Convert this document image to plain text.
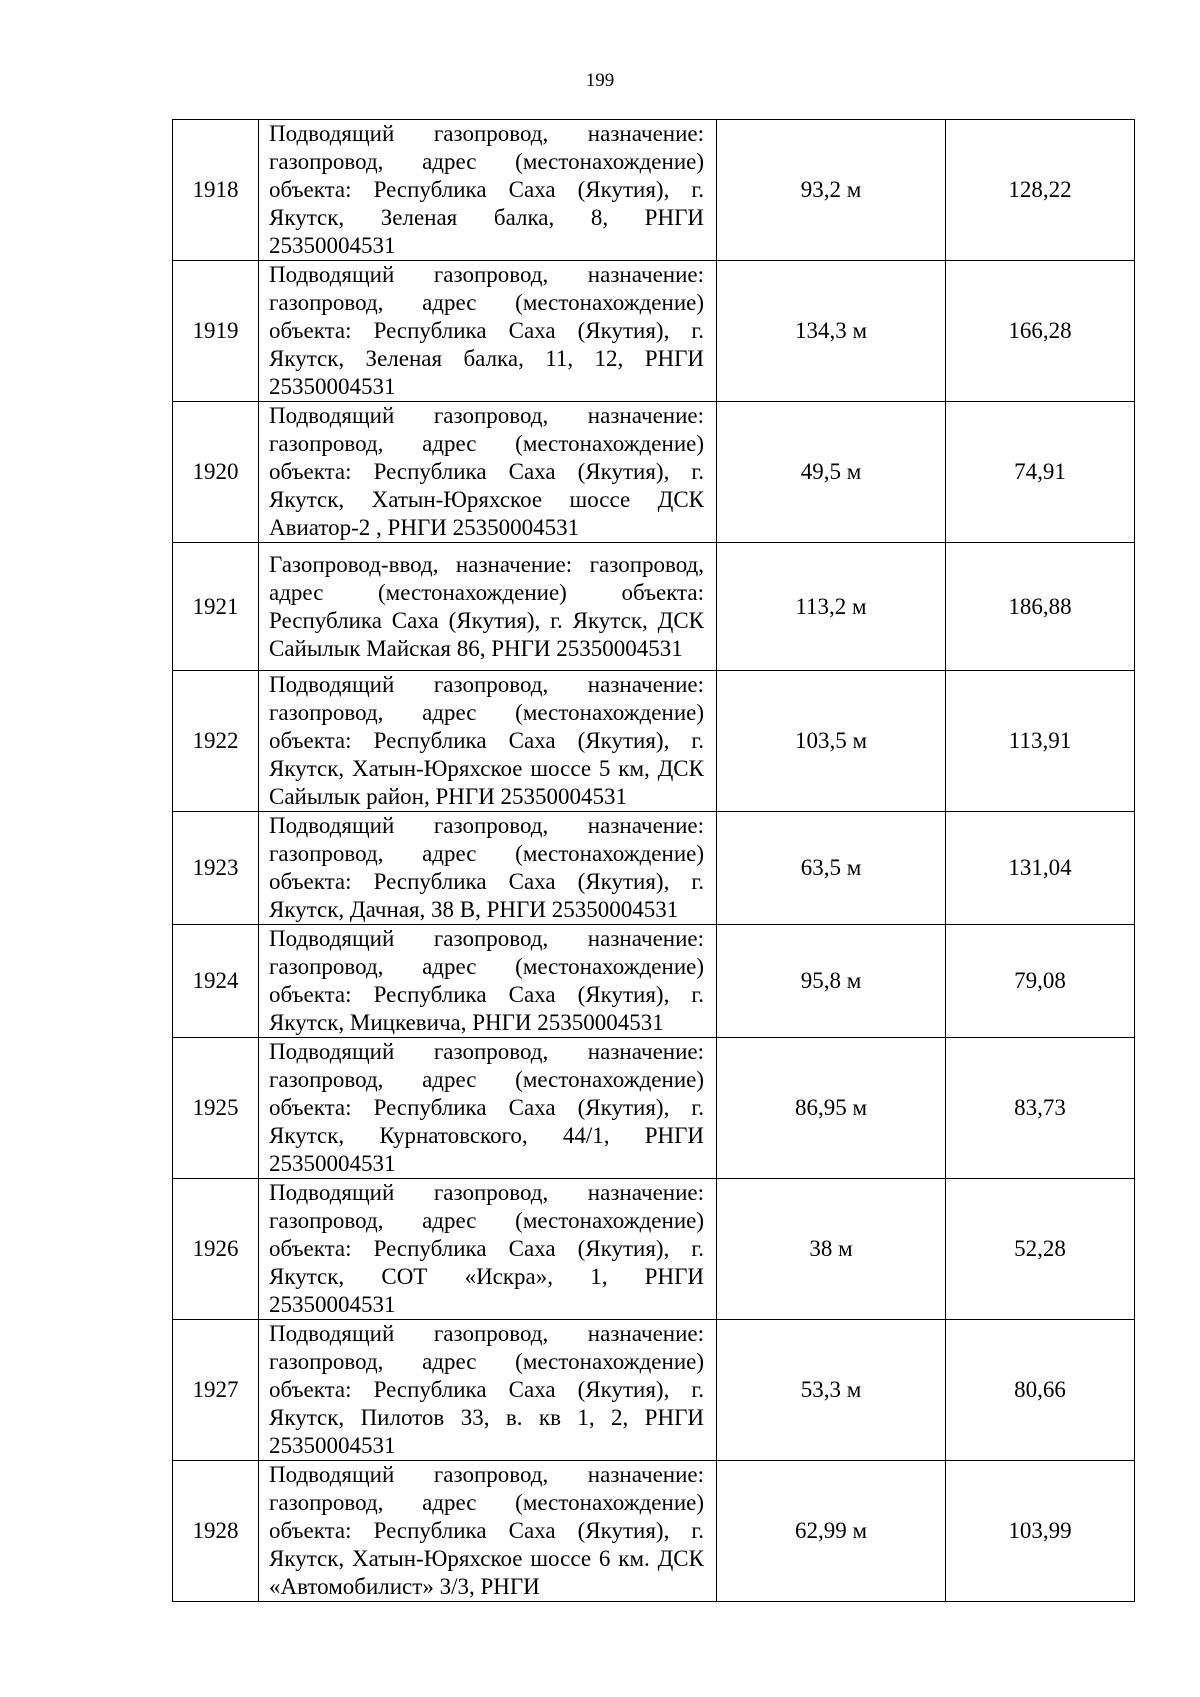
199
1918	Подводящий газопровод, назначение: газопровод, адрес (местонахождение) объекта: Республика Саха (Якутия), г. Якутск, Зеленая балка, 8, РНГИ 25350004531	93,2 м	128,22
1919	Подводящий газопровод, назначение: газопровод, адрес (местонахождение) объекта: Республика Саха (Якутия), г. Якутск, Зеленая балка, 11, 12, РНГИ 25350004531	134,3 м	166,28
1920	Подводящий газопровод, назначение: газопровод, адрес (местонахождение) объекта: Республика Саха (Якутия), г. Якутск, Хатын-Юряхское шоссе ДСК Авиатор-2 , РНГИ 25350004531	49,5 м	74,91
1921	Газопровод-ввод, назначение: газопровод, адрес (местонахождение) объекта: Республика Саха (Якутия), г. Якутск, ДСК Сайылык Майская 86, РНГИ 25350004531	113,2 м	186,88
1922	Подводящий газопровод, назначение: газопровод, адрес (местонахождение) объекта: Республика Саха (Якутия), г. Якутск, Хатын-Юряхское шоссе 5 км, ДСК Сайылык район, РНГИ 25350004531	103,5 м	113,91
1923	Подводящий газопровод, назначение: газопровод, адрес (местонахождение) объекта: Республика Саха (Якутия), г. Якутск, Дачная, 38 В, РНГИ 25350004531	63,5 м	131,04
1924	Подводящий газопровод, назначение: газопровод, адрес (местонахождение) объекта: Республика Саха (Якутия), г. Якутск, Мицкевича, РНГИ 25350004531	95,8 м	79,08
1925	Подводящий газопровод, назначение: газопровод, адрес (местонахождение) объекта: Республика Саха (Якутия), г. Якутск, Курнатовского, 44/1, РНГИ 25350004531	86,95 м	83,73
1926	Подводящий газопровод, назначение: газопровод, адрес (местонахождение) объекта: Республика Саха (Якутия), г. Якутск, СОТ «Искра», 1, РНГИ 25350004531	38 м	52,28
1927	Подводящий газопровод, назначение: газопровод, адрес (местонахождение) объекта: Республика Саха (Якутия), г. Якутск, Пилотов 33, в. кв 1, 2, РНГИ 25350004531	53,3 м	80,66
1928	Подводящий газопровод, назначение: газопровод, адрес (местонахождение) объекта: Республика Саха (Якутия), г. Якутск, Хатын-Юряхское шоссе 6 км. ДСК «Автомобилист» 3/3, РНГИ	62,99 м	103,99
